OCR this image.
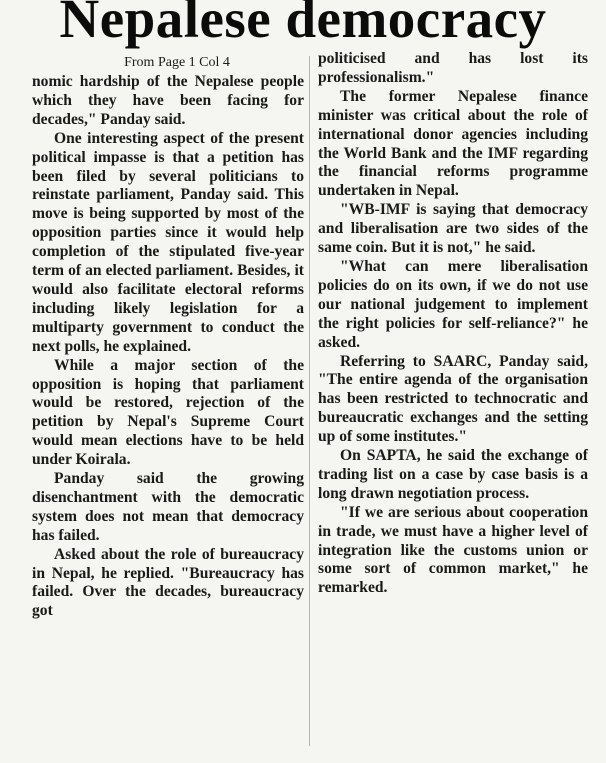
Nepalese democracy
From Page 1 Col 4

nomic hardship of the Nepalese people which they have been facing for decades," Panday said.

One interesting aspect of the present political impasse is that a petition has been filed by several politicians to reinstate parliament, Panday said. This move is being supported by most of the opposition parties since it would help completion of the stipulated five-year term of an elected parliament. Besides, it would also facilitate electoral reforms including likely legislation for a multiparty government to conduct the next polls, he explained.

While a major section of the opposition is hoping that parliament would be restored, rejection of the petition by Nepal's Supreme Court would mean elections have to be held under Koirala.

Panday said the growing disenchantment with the democratic system does not mean that democracy has failed.

Asked about the role of bureaucracy in Nepal, he replied. "Bureaucracy has failed. Over the decades, bureaucracy got

politicised and has lost its professionalism."

The former Nepalese finance minister was critical about the role of international donor agencies including the World Bank and the IMF regarding the financial reforms programme undertaken in Nepal.

"WB-IMF is saying that democracy and liberalisation are two sides of the same coin. But it is not," he said.

"What can mere liberalisation policies do on its own, if we do not use our national judgement to implement the right policies for self-reliance?" he asked.

Referring to SAARC, Panday said, "The entire agenda of the organisation has been restricted to technocratic and bureaucratic exchanges and the setting up of some institutes."

On SAPTA, he said the exchange of trading list on a case by case basis is a long drawn negotiation process.

"If we are serious about cooperation in trade, we must have a higher level of integration like the customs union or some sort of common market," he remarked.
